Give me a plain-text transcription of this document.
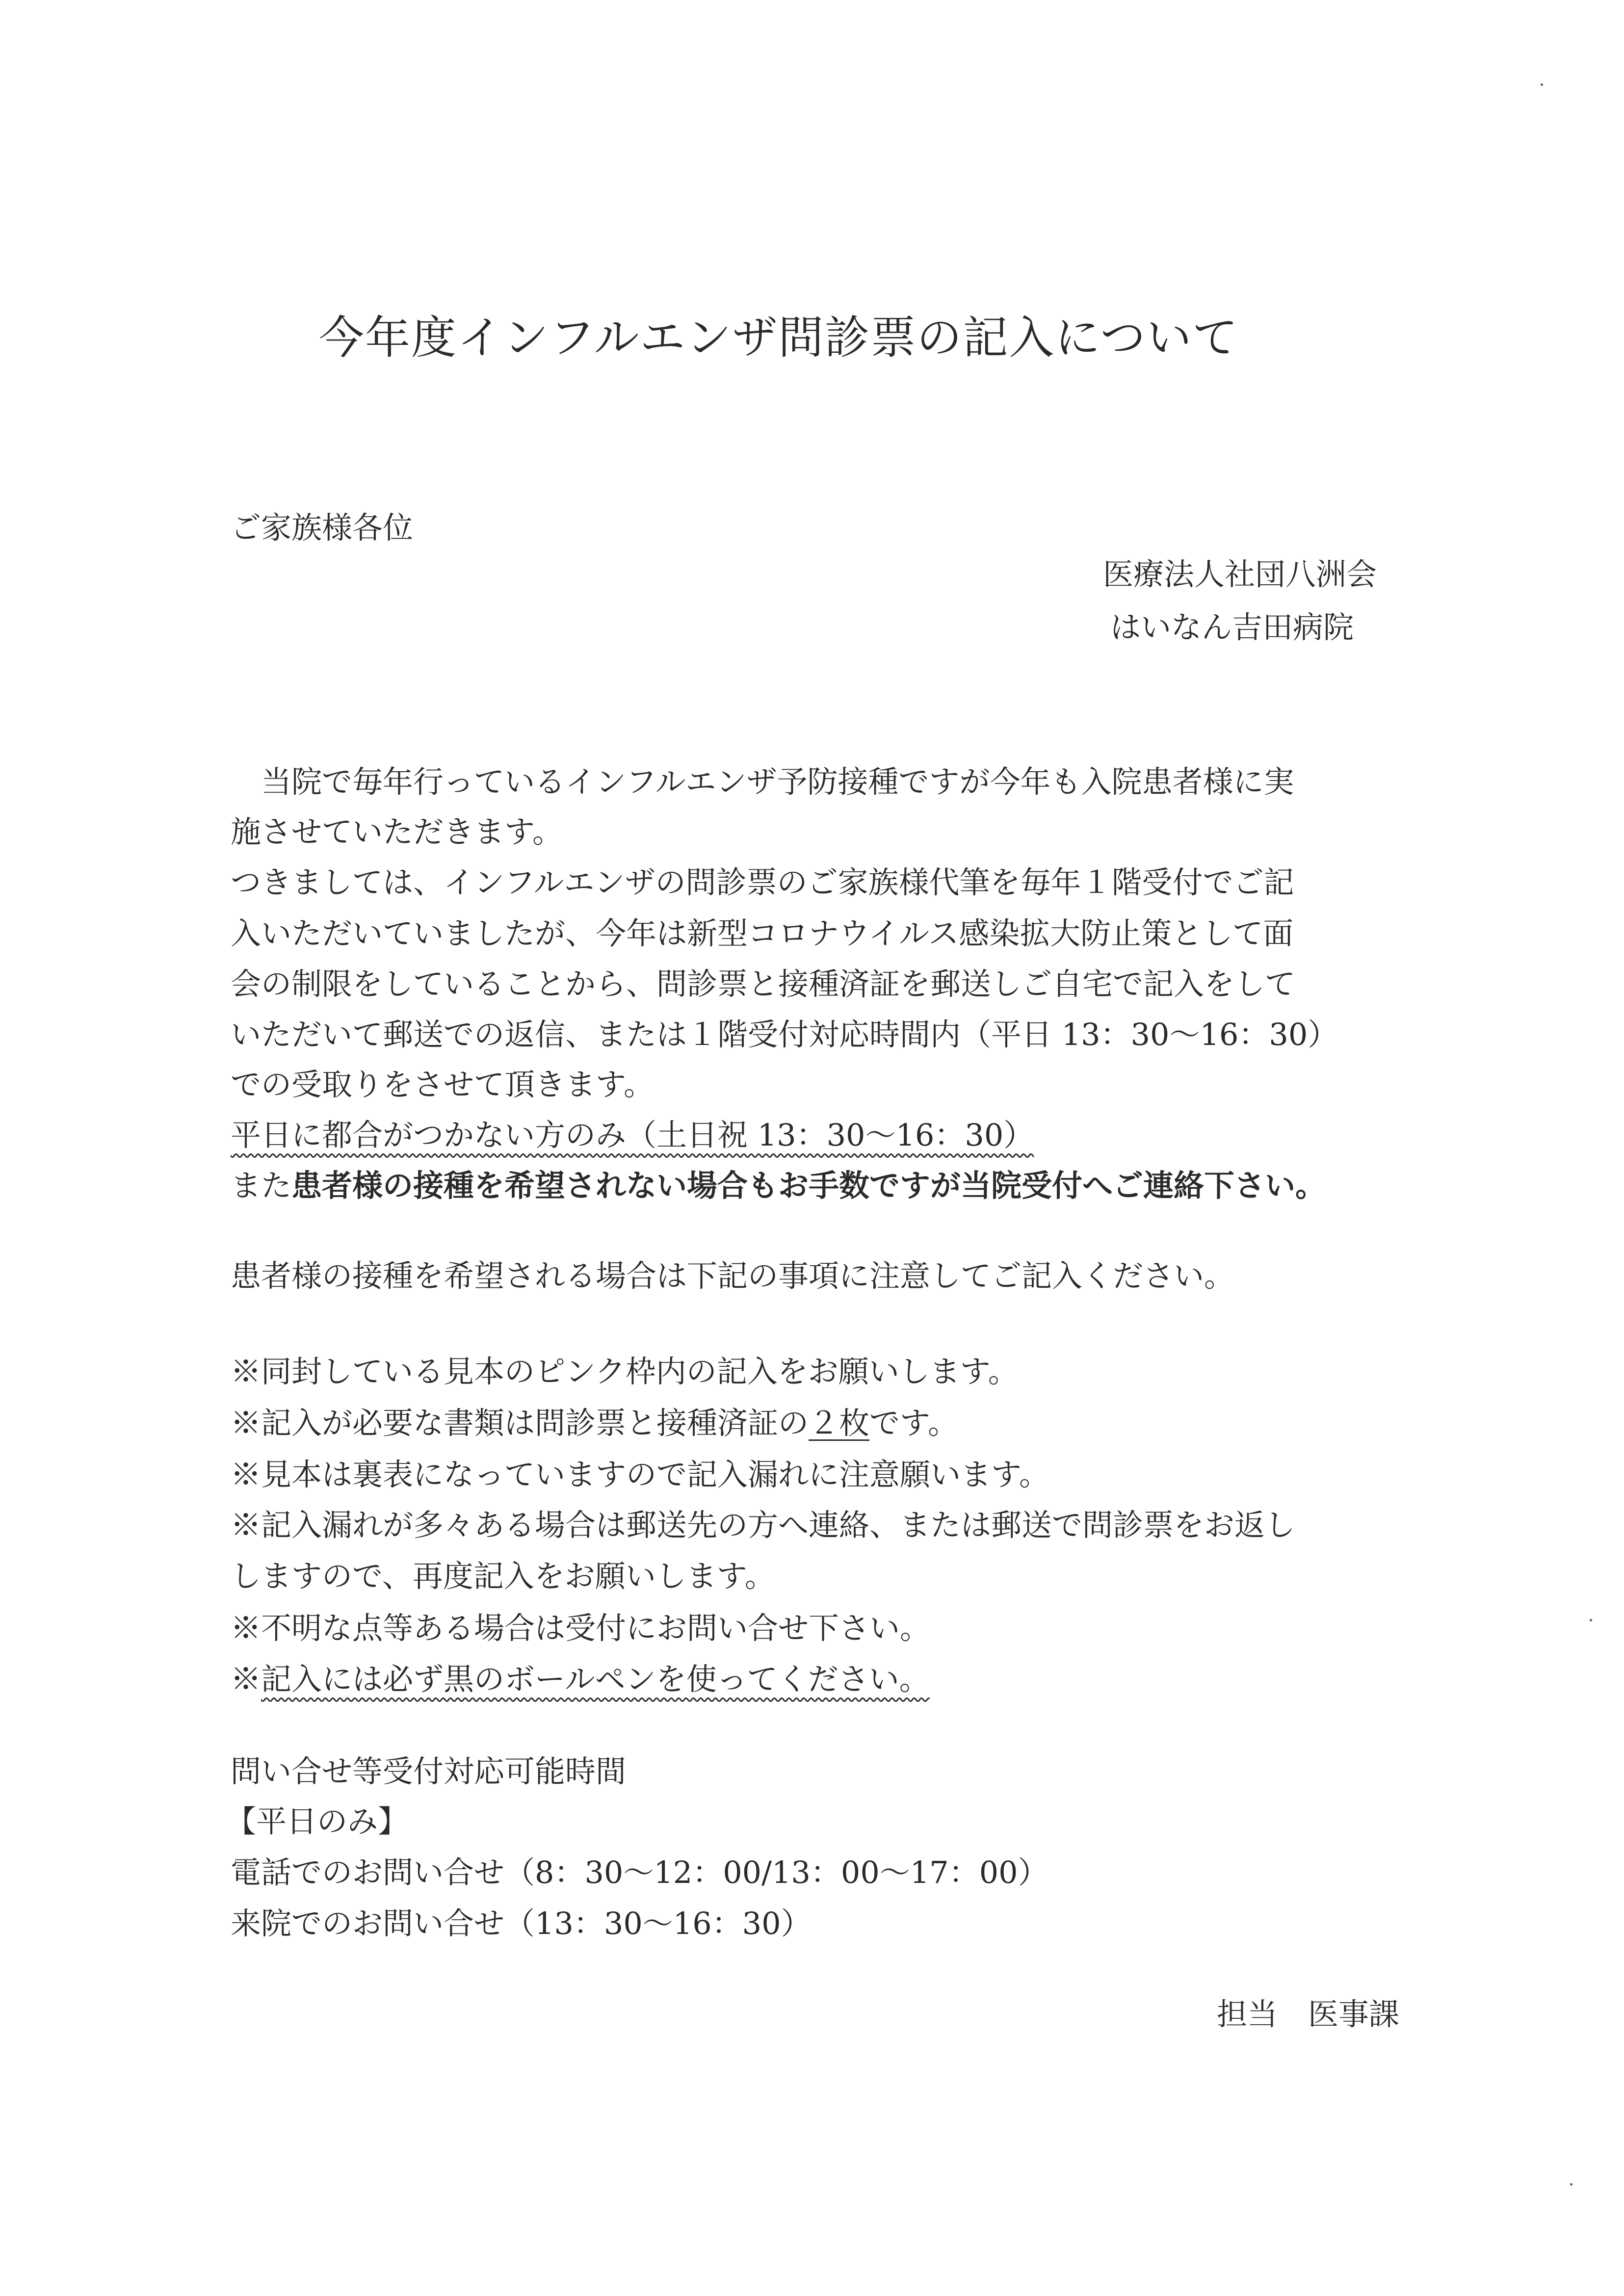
今年度インフルエンザ問診票の記入について
ご家族様各位
医療法人社団八洲会
はいなん吉田病院
　当院で毎年行っているインフルエンザ予防接種ですが今年も入院患者様に実
施させていただきます。
つきましては、インフルエンザの問診票のご家族様代筆を毎年１階受付でご記
入いただいていましたが、今年は新型コロナウイルス感染拡大防止策として面
会の制限をしていることから、問診票と接種済証を郵送しご自宅で記入をして
いただいて郵送での返信、または１階受付対応時間内（平日 13：30～16：30）
での受取りをさせて頂きます。
平日に都合がつかない方のみ（土日祝 13：30～16：30）
また患者様の接種を希望されない場合もお手数ですが当院受付へご連絡下さい。
患者様の接種を希望される場合は下記の事項に注意してご記入ください。
※同封している見本のピンク枠内の記入をお願いします。
※記入が必要な書類は問診票と接種済証の２枚です。
※見本は裏表になっていますので記入漏れに注意願います。
※記入漏れが多々ある場合は郵送先の方へ連絡、または郵送で問診票をお返し
しますので、再度記入をお願いします。
※不明な点等ある場合は受付にお問い合せ下さい。
※記入には必ず黒のボールペンを使ってください。
問い合せ等受付対応可能時間
【平日のみ】
電話でのお問い合せ（8：30～12：00/13：00～17：00）
来院でのお問い合せ（13：30～16：30）
担当　医事課
